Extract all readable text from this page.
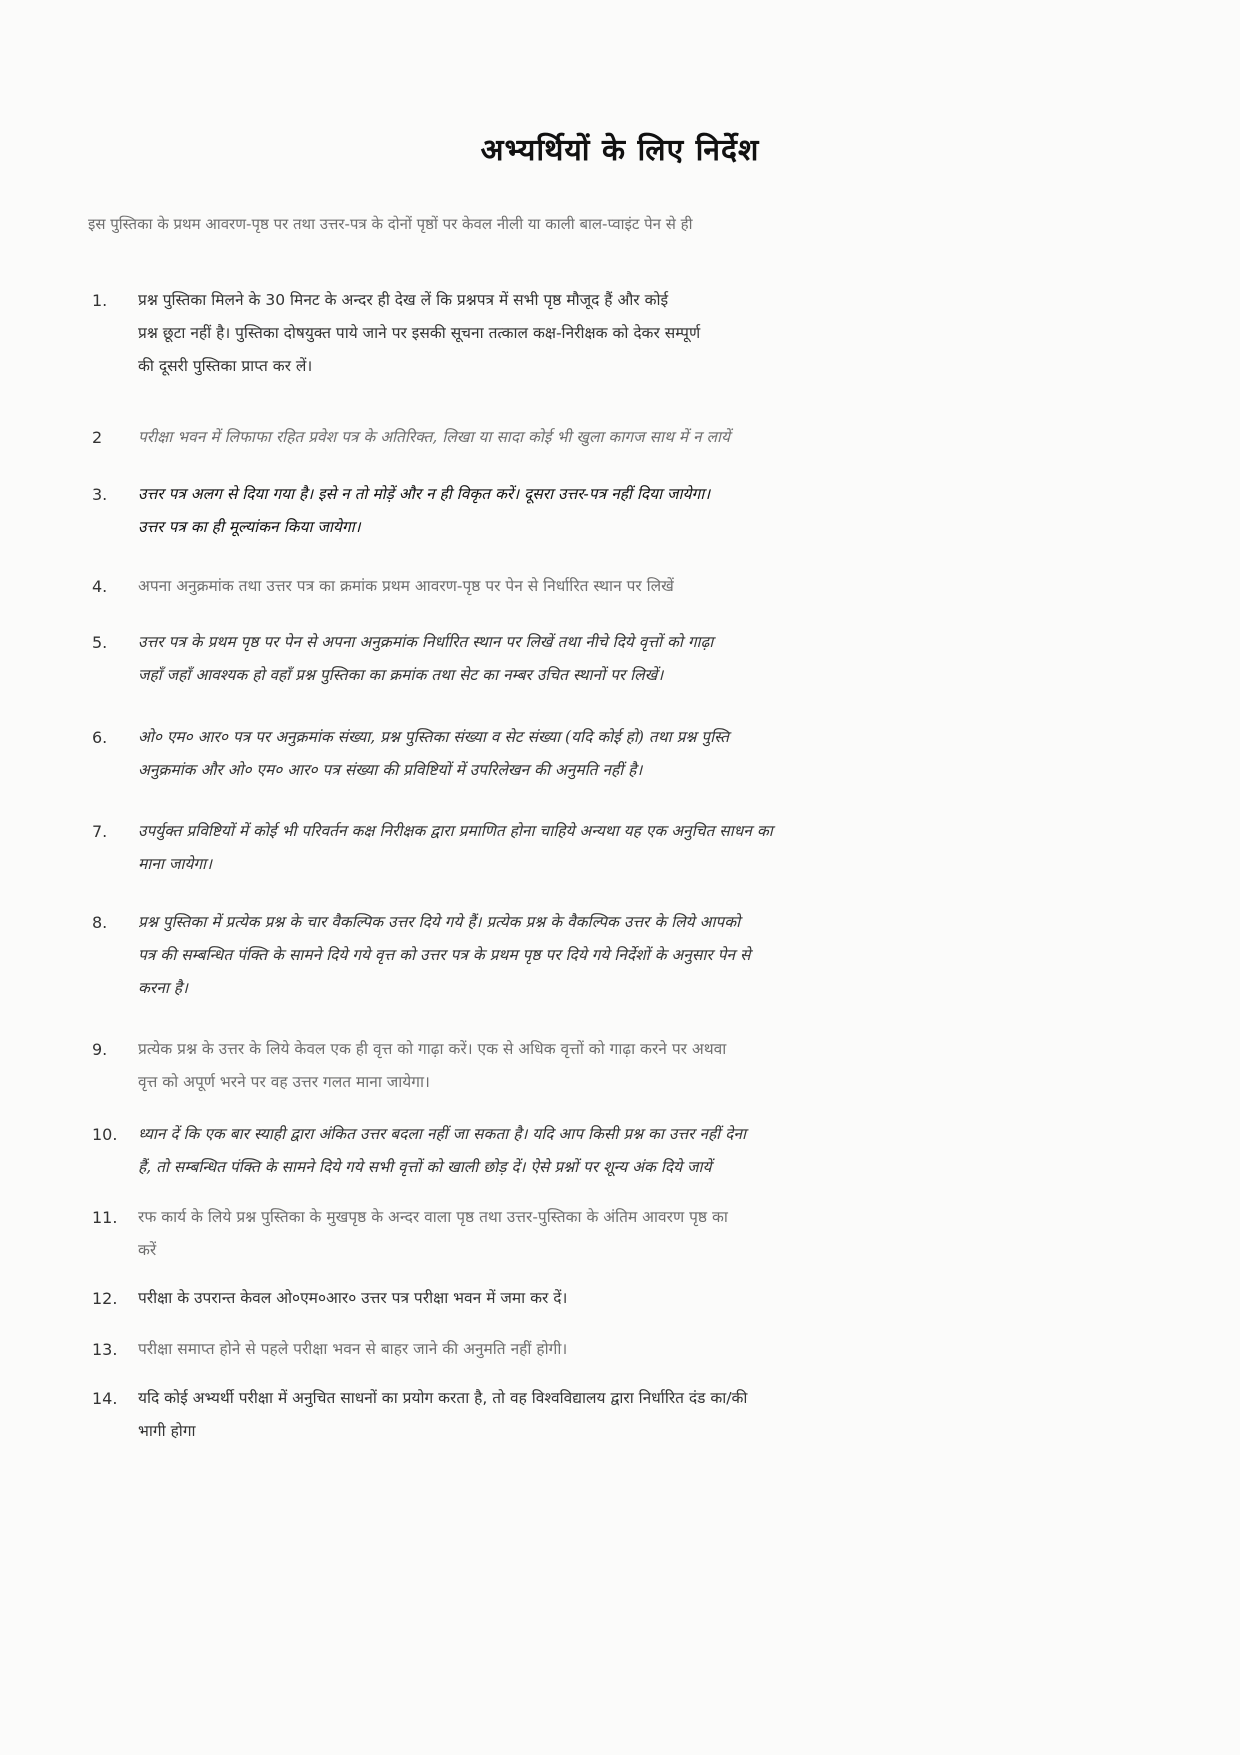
अभ्यर्थियों के लिए निर्देश
इस पुस्तिका के प्रथम आवरण-पृष्ठ पर तथा उत्तर-पत्र के दोनों पृष्ठों पर केवल नीली या काली बाल-प्वाइंट पेन से ही
1.	प्रश्न पुस्तिका मिलने के 30 मिनट के अन्दर ही देख लें कि प्रश्नपत्र में सभी पृष्ठ मौजूद हैं और कोई
प्रश्न छूटा नहीं है। पुस्तिका दोषयुक्त पाये जाने पर इसकी सूचना तत्काल कक्ष-निरीक्षक को देकर सम्पूर्ण
की दूसरी पुस्तिका प्राप्त कर लें।
2	परीक्षा भवन में लिफाफा रहित प्रवेश पत्र के अतिरिक्त, लिखा या सादा कोई भी खुला कागज साथ में न लायें
3.	उत्तर पत्र अलग से दिया गया है। इसे न तो मोड़ें और न ही विकृत करें। दूसरा उत्तर-पत्र नहीं दिया जायेगा।
उत्तर पत्र का ही मूल्यांकन किया जायेगा।
4.	अपना अनुक्रमांक तथा उत्तर पत्र का क्रमांक प्रथम आवरण-पृष्ठ पर पेन से निर्धारित स्थान पर लिखें
5.	उत्तर पत्र के प्रथम पृष्ठ पर पेन से अपना अनुक्रमांक निर्धारित स्थान पर लिखें तथा नीचे दिये वृत्तों को गाढ़ा
जहाँ जहाँ आवश्यक हो वहाँ प्रश्न पुस्तिका का क्रमांक तथा सेट का नम्बर उचित स्थानों पर लिखें।
6.	ओ० एम० आर० पत्र पर अनुक्रमांक संख्या, प्रश्न पुस्तिका संख्या व सेट संख्या (यदि कोई हो) तथा प्रश्न पुस्ति
अनुक्रमांक और ओ० एम० आर० पत्र संख्या की प्रविष्टियों में उपरिलेखन की अनुमति नहीं है।
7.	उपर्युक्त प्रविष्टियों में कोई भी परिवर्तन कक्ष निरीक्षक द्वारा प्रमाणित होना चाहिये अन्यथा यह एक अनुचित साधन का
माना जायेगा।
8.	प्रश्न पुस्तिका में प्रत्येक प्रश्न के चार वैकल्पिक उत्तर दिये गये हैं। प्रत्येक प्रश्न के वैकल्पिक उत्तर के लिये आपको
पत्र की सम्बन्धित पंक्ति के सामने दिये गये वृत्त को उत्तर पत्र के प्रथम पृष्ठ पर दिये गये निर्देशों के अनुसार पेन से
करना है।
9.	प्रत्येक प्रश्न के उत्तर के लिये केवल एक ही वृत्त को गाढ़ा करें। एक से अधिक वृत्तों को गाढ़ा करने पर अथवा
वृत्त को अपूर्ण भरने पर वह उत्तर गलत माना जायेगा।
10.	ध्यान दें कि एक बार स्याही द्वारा अंकित उत्तर बदला नहीं जा सकता है। यदि आप किसी प्रश्न का उत्तर नहीं देना
हैं, तो सम्बन्धित पंक्ति के सामने दिये गये सभी वृत्तों को खाली छोड़ दें। ऐसे प्रश्नों पर शून्य अंक दिये जायें
11.	रफ कार्य के लिये प्रश्न पुस्तिका के मुखपृष्ठ के अन्दर वाला पृष्ठ तथा उत्तर-पुस्तिका के अंतिम आवरण पृष्ठ का
करें
12.	परीक्षा के उपरान्त केवल ओ०एम०आर० उत्तर पत्र परीक्षा भवन में जमा कर दें।
13.	परीक्षा समाप्त होने से पहले परीक्षा भवन से बाहर जाने की अनुमति नहीं होगी।
14.	यदि कोई अभ्यर्थी परीक्षा में अनुचित साधनों का प्रयोग करता है, तो वह विश्वविद्यालय द्वारा निर्धारित दंड का/की
भागी होगा
